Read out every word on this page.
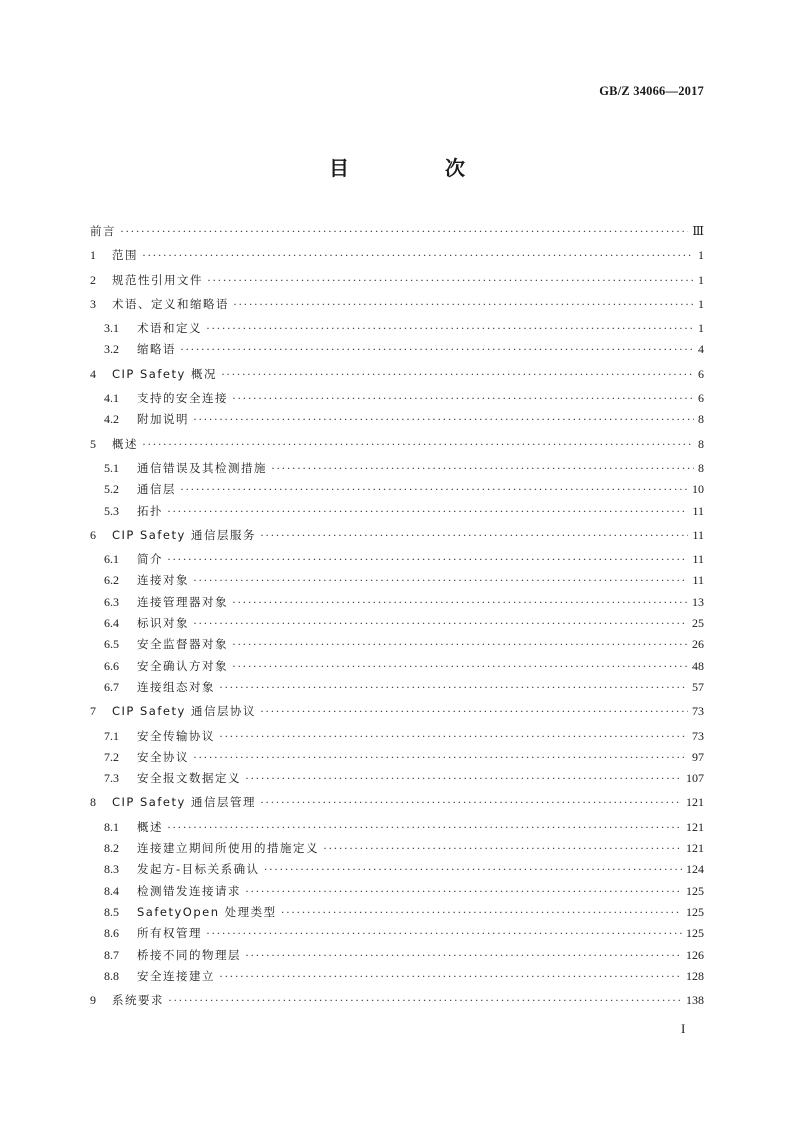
GB/Z 34066—2017
目　次
前言 ·····	Ⅲ
1	范围 ·····	1
2	规范性引用文件 ·····	1
3	术语、定义和缩略语 ·····	1
3.1	术语和定义 ·····	1
3.2	缩略语 ·····	4
4	CIP Safety 概况 ·····	6
4.1	支持的安全连接 ·····	6
4.2	附加说明 ·····	8
5	概述 ·····	8
5.1	通信错误及其检测措施 ·····	8
5.2	通信层 ·····	10
5.3	拓扑 ·····	11
6	CIP Safety 通信层服务 ·····	11
6.1	简介 ·····	11
6.2	连接对象 ·····	11
6.3	连接管理器对象 ·····	13
6.4	标识对象 ·····	25
6.5	安全监督器对象 ·····	26
6.6	安全确认方对象 ·····	48
6.7	连接组态对象 ·····	57
7	CIP Safety 通信层协议 ·····	73
7.1	安全传输协议 ·····	73
7.2	安全协议 ·····	97
7.3	安全报文数据定义 ·····	107
8	CIP Safety 通信层管理 ·····	121
8.1	概述 ·····	121
8.2	连接建立期间所使用的措施定义 ·····	121
8.3	发起方-目标关系确认 ·····	124
8.4	检测错发连接请求 ·····	125
8.5	SafetyOpen 处理类型 ·····	125
8.6	所有权管理 ·····	125
8.7	桥接不同的物理层 ·····	126
8.8	安全连接建立 ·····	128
9	系统要求 ·····	138
I
